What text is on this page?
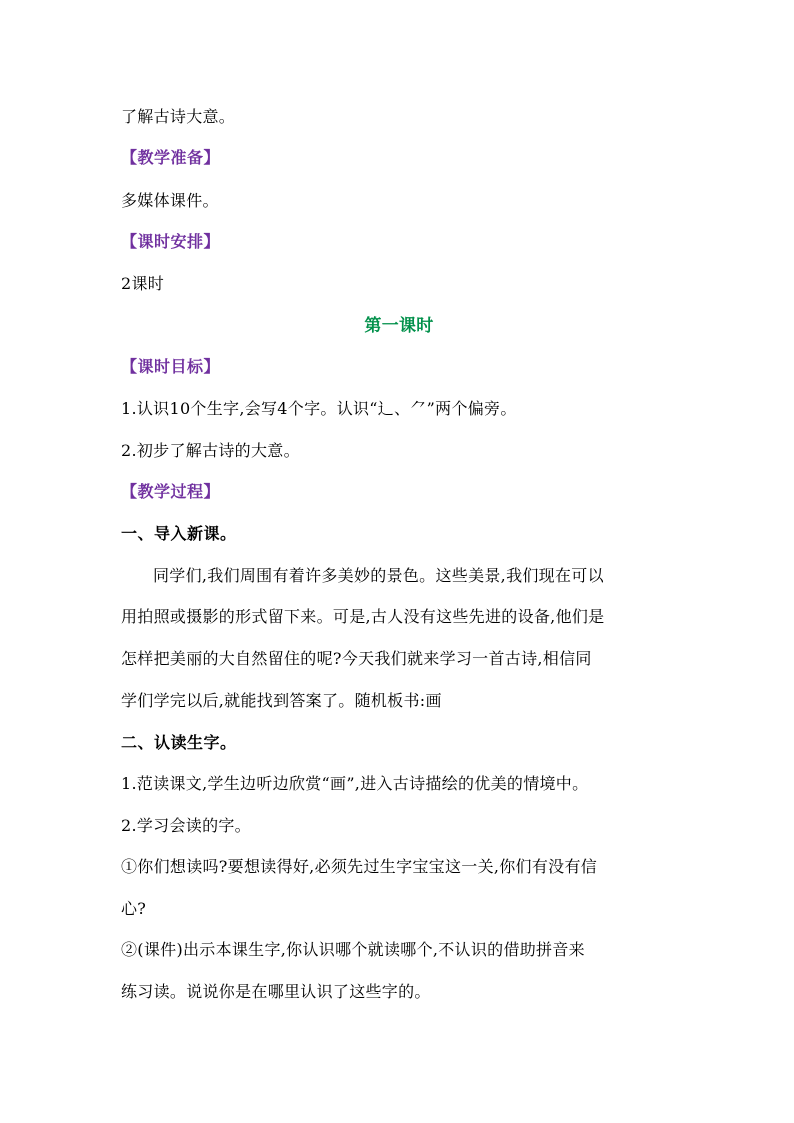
了解古诗大意。
【教学准备】
多媒体课件。
【课时安排】
2课时
第一课时
【课时目标】
1.认识10个生字,会写4个字。认识“辶、⺈”两个偏旁。
2.初步了解古诗的大意。
【教学过程】
一、导入新课。
同学们,我们周围有着许多美妙的景色。这些美景,我们现在可以
用拍照或摄影的形式留下来。可是,古人没有这些先进的设备,他们是
怎样把美丽的大自然留住的呢?今天我们就来学习一首古诗,相信同
学们学完以后,就能找到答案了。随机板书:画
二、认读生字。
1.范读课文,学生边听边欣赏“画”,进入古诗描绘的优美的情境中。
2.学习会读的字。
①你们想读吗?要想读得好,必须先过生字宝宝这一关,你们有没有信
心?
②(课件)出示本课生字,你认识哪个就读哪个,不认识的借助拼音来
练习读。说说你是在哪里认识了这些字的。
